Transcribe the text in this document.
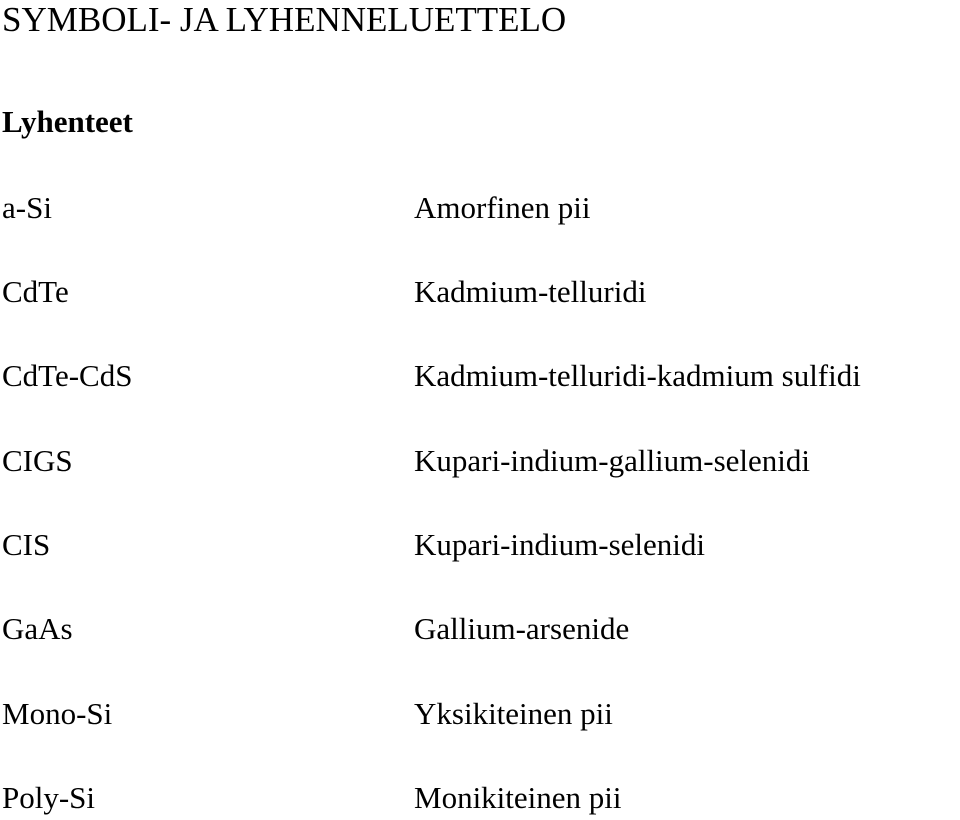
SYMBOLI- JA LYHENNELUETTELO
Lyhenteet
a-Si	Amorfinen pii
CdTe	Kadmium-telluridi
CdTe-CdS	Kadmium-telluridi-kadmium sulfidi
CIGS	Kupari-indium-gallium-selenidi
CIS	Kupari-indium-selenidi
GaAs	Gallium-arsenide
Mono-Si	Yksikiteinen pii
Poly-Si	Monikiteinen pii
